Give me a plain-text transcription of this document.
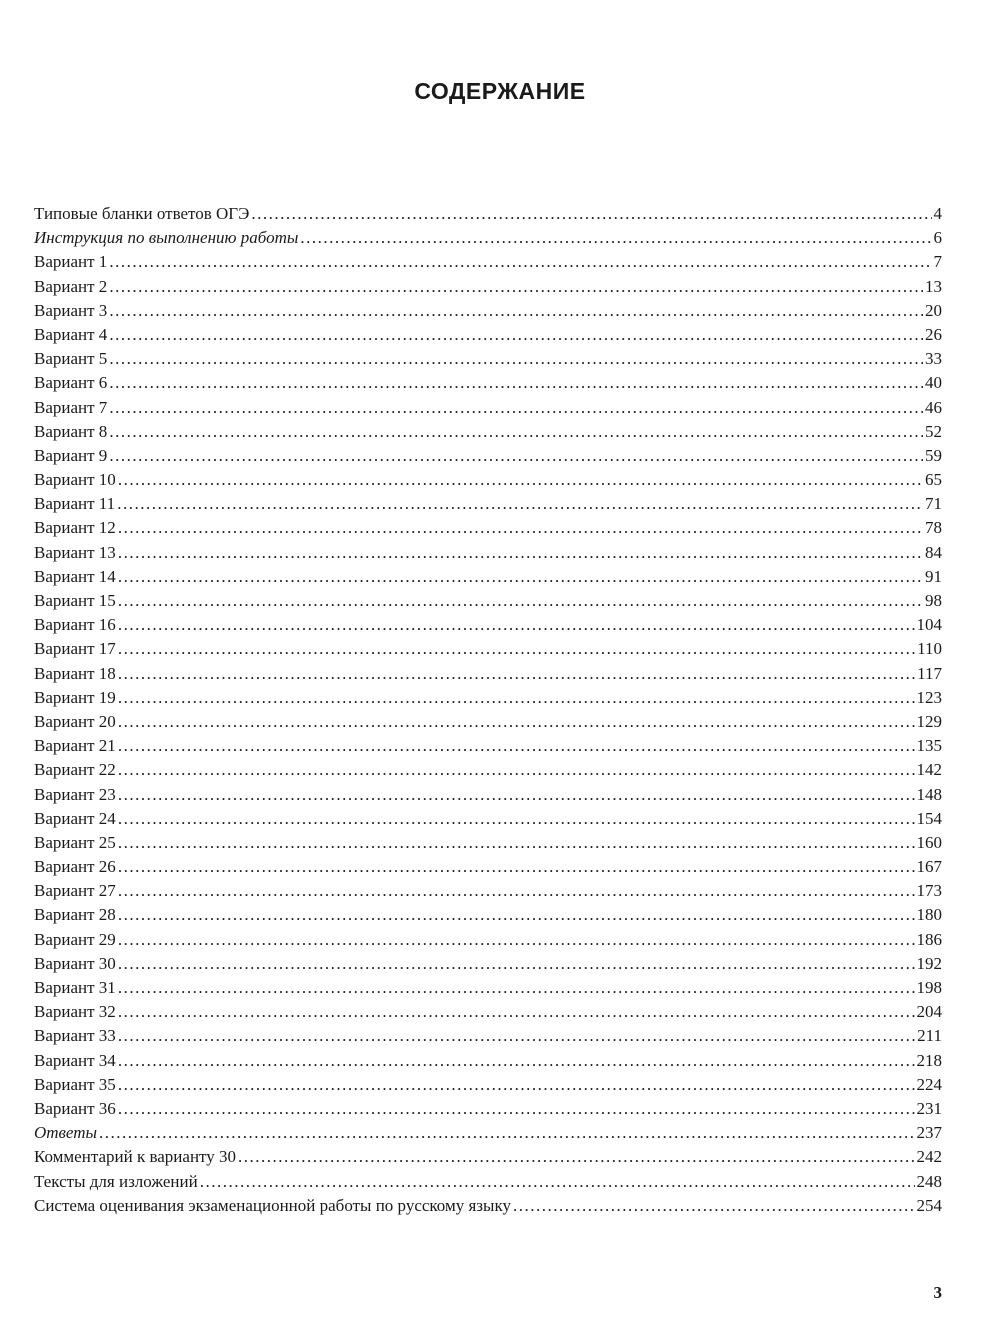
СОДЕРЖАНИЕ
Типовые бланки ответов ОГЭ .....	4
Инструкция по выполнению работы .....	6
Вариант 1 .....	7
Вариант 2 .....	13
Вариант 3 .....	20
Вариант 4 .....	26
Вариант 5 .....	33
Вариант 6 .....	40
Вариант 7 .....	46
Вариант 8 .....	52
Вариант 9 .....	59
Вариант 10 .....	65
Вариант 11 .....	71
Вариант 12 .....	78
Вариант 13 .....	84
Вариант 14 .....	91
Вариант 15 .....	98
Вариант 16 .....	104
Вариант 17 .....	110
Вариант 18 .....	117
Вариант 19 .....	123
Вариант 20 .....	129
Вариант 21 .....	135
Вариант 22 .....	142
Вариант 23 .....	148
Вариант 24 .....	154
Вариант 25 .....	160
Вариант 26 .....	167
Вариант 27 .....	173
Вариант 28 .....	180
Вариант 29 .....	186
Вариант 30 .....	192
Вариант 31 .....	198
Вариант 32 .....	204
Вариант 33 .....	211
Вариант 34 .....	218
Вариант 35 .....	224
Вариант 36 .....	231
Ответы .....	237
Комментарий к варианту 30 .....	242
Тексты для изложений .....	248
Система оценивания экзаменационной работы по русскому языку .....	254
3
